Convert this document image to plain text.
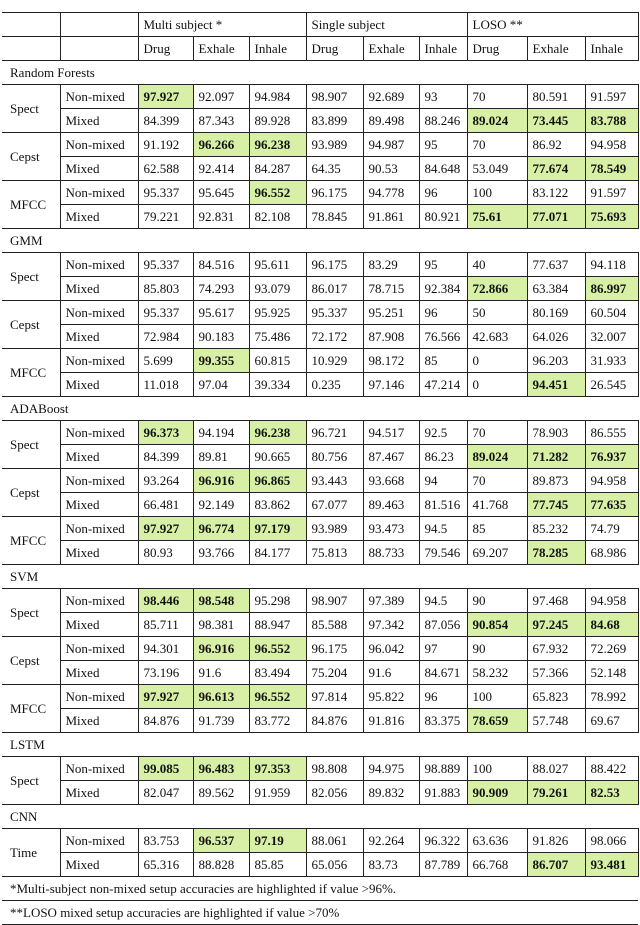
		Multi subject *			Single subject			LOSO **		
		Drug	Exhale	Inhale	Drug	Exhale	Inhale	Drug	Exhale	Inhale
Random Forests										
Spect	Non-mixed	97.927	92.097	94.984	98.907	92.689	93	70	80.591	91.597
	Mixed	84.399	87.343	89.928	83.899	89.498	88.246	89.024	73.445	83.788
Cepst	Non-mixed	91.192	96.266	96.238	93.989	94.987	95	70	86.92	94.958
	Mixed	62.588	92.414	84.287	64.35	90.53	84.648	53.049	77.674	78.549
MFCC	Non-mixed	95.337	95.645	96.552	96.175	94.778	96	100	83.122	91.597
	Mixed	79.221	92.831	82.108	78.845	91.861	80.921	75.61	77.071	75.693
GMM										
Spect	Non-mixed	95.337	84.516	95.611	96.175	83.29	95	40	77.637	94.118
	Mixed	85.803	74.293	93.079	86.017	78.715	92.384	72.866	63.384	86.997
Cepst	Non-mixed	95.337	95.617	95.925	95.337	95.251	96	50	80.169	60.504
	Mixed	72.984	90.183	75.486	72.172	87.908	76.566	42.683	64.026	32.007
MFCC	Non-mixed	5.699	99.355	60.815	10.929	98.172	85	0	96.203	31.933
	Mixed	11.018	97.04	39.334	0.235	97.146	47.214	0	94.451	26.545
ADABoost										
Spect	Non-mixed	96.373	94.194	96.238	96.721	94.517	92.5	70	78.903	86.555
	Mixed	84.399	89.81	90.665	80.756	87.467	86.23	89.024	71.282	76.937
Cepst	Non-mixed	93.264	96.916	96.865	93.443	93.668	94	70	89.873	94.958
	Mixed	66.481	92.149	83.862	67.077	89.463	81.516	41.768	77.745	77.635
MFCC	Non-mixed	97.927	96.774	97.179	93.989	93.473	94.5	85	85.232	74.79
	Mixed	80.93	93.766	84.177	75.813	88.733	79.546	69.207	78.285	68.986
SVM										
Spect	Non-mixed	98.446	98.548	95.298	98.907	97.389	94.5	90	97.468	94.958
	Mixed	85.711	98.381	88.947	85.588	97.342	87.056	90.854	97.245	84.68
Cepst	Non-mixed	94.301	96.916	96.552	96.175	96.042	97	90	67.932	72.269
	Mixed	73.196	91.6	83.494	75.204	91.6	84.671	58.232	57.366	52.148
MFCC	Non-mixed	97.927	96.613	96.552	97.814	95.822	96	100	65.823	78.992
	Mixed	84.876	91.739	83.772	84.876	91.816	83.375	78.659	57.748	69.67
LSTM										
Spect	Non-mixed	99.085	96.483	97.353	98.808	94.975	98.889	100	88.027	88.422
	Mixed	82.047	89.562	91.959	82.056	89.832	91.883	90.909	79.261	82.53
CNN										
Time	Non-mixed	83.753	96.537	97.19	88.061	92.264	96.322	63.636	91.826	98.066
	Mixed	65.316	88.828	85.85	65.056	83.73	87.789	66.768	86.707	93.481
*Multi-subject non-mixed setup accuracies are highlighted if value >96%.										
**LOSO mixed setup accuracies are highlighted if value >70%										
